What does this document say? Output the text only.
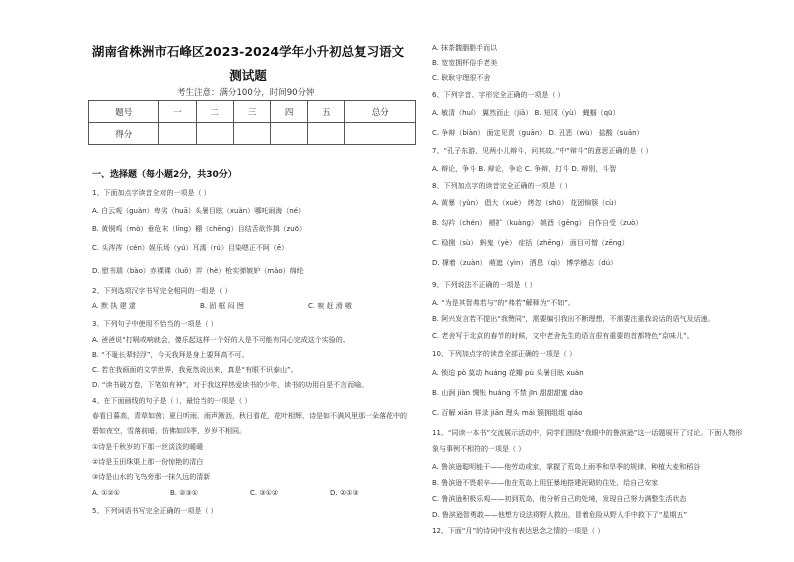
湖南省株洲市石峰区2023-2024学年小升初总复习语文测试题
考生注意：满分100分，时间90分钟
题号	一	二	三	四	五	总分
得分						
一、选择题（每小题2分，共30分）
1、下面加点字读音全对的一项是（ ）
A. 白云观（guàn）卑劣（huā）头暑目眩（xuàn）哪吒闹海（né）
B. 黄铜鸡（mò）垂危末（líng）棚（chēng）目结舌欲作揖（zuō）
C. 头涔涔（cén）娱乐场（yú）耳濡（rú）目染嗯正不阿（ē）
D. 慰书瑞（bào）赤裸裸（luǒ）弄（hè）枪实弹嫉妒（mǎo）绵纶
2、下列选项汉字书写完全相同的一组是（ ）
A. 默 执 建 逮	B. 固 框 闷 囫	C. 唳 赶 滑 嗷
3、下列句子中使用不恰当的一项是（ ）
A. 爸爸说“打嗝或响就会，傻乐起这样一个好的人是不可能有同心完成这个实验的。
B. “不耻长辈轻浮”，今天我拜是身上要拜高不可。
C. 若在我画面的文学世界，我竟然说出来，真是“有眼不识泰山”。
D. “读书破万卷，下笔如有神”，对于我这样热爱读书的少年，读书的功用自是不言而喻。
4、在下面画线的句子是（ ），最恰当的一项是（ ）
春看日暮高，青草如茵；夏日听雨，雨声淅沥，秋日看花，花叶相辉，诗是如不满风里那一朵落花中的
碧如夜空，雪落前暗，仿佛如四季，岁岁不相同。
①诗是千秋岁的下那一丝淡淡的暖暖
②诗是玉田珠渠上那一份惊艳的清白
③诗是山水的飞鸟旁那一抹久远的清新
A. ①②①	B. ②③①	C. ③①②	D. ②①③
5、下列词语书写完全正确的一项是（ ）
A. 抹茶馥胭脂手而以
B. 宽宽拥杯俗手老美
C. 耿耿守理很不舍
6、下列字音、字形完全正确的一项是（ ）
A. 敏清（huí） 翼然而止（jiā） B. 短冈（yù） 蝇蝈（qū）
C. 争辩（biàn） 面定见责（guān） D. 丑恶（wù） 盐酸（suān）
7、“孔子东游，见两小儿辩斗，问其故。”中“辩斗”的意思正确的是（ ）
A. 辩论，争斗 B. 辩论，争论 C. 争辩，打斗 D. 辩别，斗智
8、下列加点字的读音完全正确的一项是（ ）
A. 黄暴（yùn） 倡大（xuè） 烤忽（shū） 花团锦簇（cù）
B. 勾衿（chén） 褪扩（kuàng） 姚酉（gēng） 自作自受（zuò）
C. 稳捌（sù） 蚂鬼（yè） 症括（zhēng） 面目可憎（zēng）
D. 撑着（zuàn） 萌遮（yìn） 洒息（qì） 博学稽志（dú）
9、下列说法不正确的一项是（ ）
A. “为是其智弗若与”的“弗若”解释为“不如”。
B. 阿兴发言若不提出“我赞同”，需要编引我出不断理想，不需要注重我说话的语气及话速。
C. 老舍写于北京的春节的时候，文中老舍先生的语言很有重要的首都特色“京味儿”。
10、下列加点字的读音全部正确的一项是（ ）
A. 锁迫 pò 莫动 huáng 花瓣 pù 头暑目眩 xuàn
B. 山涧 jiàn 惆怅 huáng 不禁 jīn 甜甜甜蜜 dào
C. 百解 xiān 祥录 jiān 理头 mái 簇拥组组 qiáo
11、“同读一本书”交流展示活动中，同学们围绕“我眼中的鲁滨逊”这一话题展开了讨论。下面人物形
象与事例不相符的一项是（ ）
A. 鲁滨逊聪明能干——他劳动或家，掌握了荒岛上雨季和旱季的规律，种植大麦和稻谷
B. 鲁滨逊不畏艰辛——他在荒岛上用狂暴地搭建泥砌的住处，给自己安家
C. 鲁滨逊积极乐观——初到荒岛，他分析自己的处境，发现自己努力满整生活状态
D. 鲁滨逊智勇敢——他想方设法将野人救出，冒着危险从野人手中救下了“星期五”
12、下面“月”的诗词中没有表达思念之情的一项是（ ）
